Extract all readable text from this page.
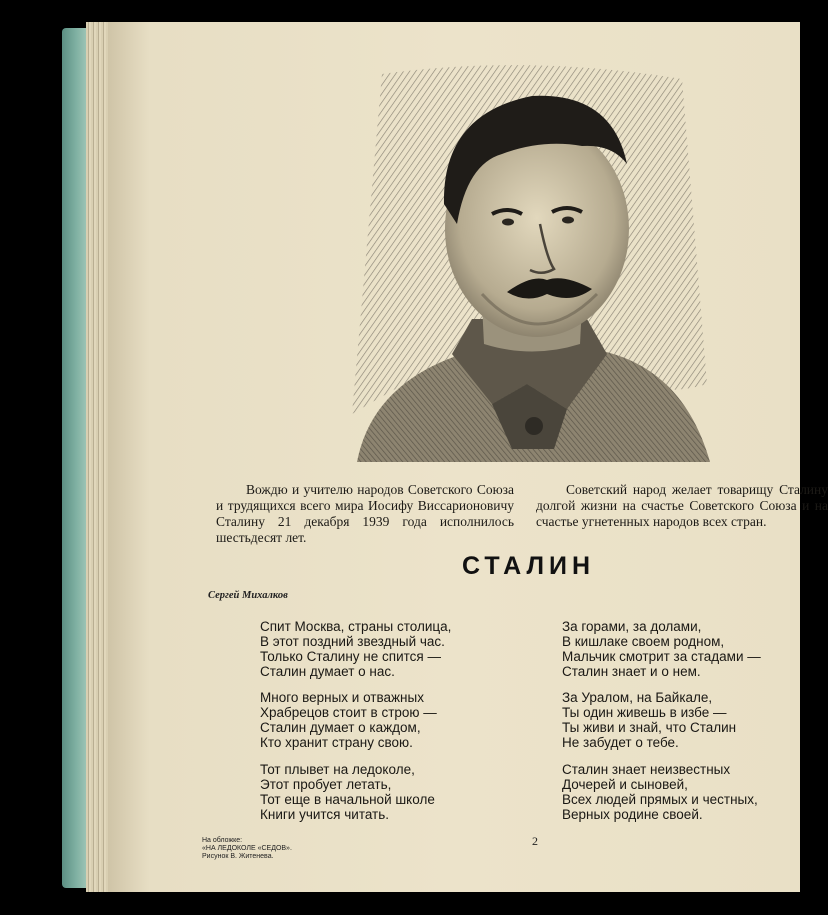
Вождю и учителю народов Советского Союза и трудящихся всего мира Иосифу Виссарионовичу Сталину 21 декабря 1939 года исполнилось шестьдесят лет.
Советский народ желает товарищу Сталину долгой жизни на счастье Советского Союза и на счастье угнетенных народов всех стран.
СТАЛИН
Сергей Михалков
Спит Москва, страны столица,
В этот поздний звездный час.
Только Сталину не спится —
Сталин думает о нас.
Много верных и отважных
Храбрецов стоит в строю —
Сталин думает о каждом,
Кто хранит страну свою.
Тот плывет на ледоколе,
Этот пробует летать,
Тот еще в начальной школе
Книги учится читать.
За горами, за долами,
В кишлаке своем родном,
Мальчик смотрит за стадами —
Сталин знает и о нем.
За Уралом, на Байкале,
Ты один живешь в избе —
Ты живи и знай, что Сталин
Не забудет о тебе.
Сталин знает неизвестных
Дочерей и сыновей,
Всех людей прямых и честных,
Верных родине своей.
На обложке:
«НА ЛЕДОКОЛЕ «СЕДОВ».
Рисунок В. Житенева.
2
